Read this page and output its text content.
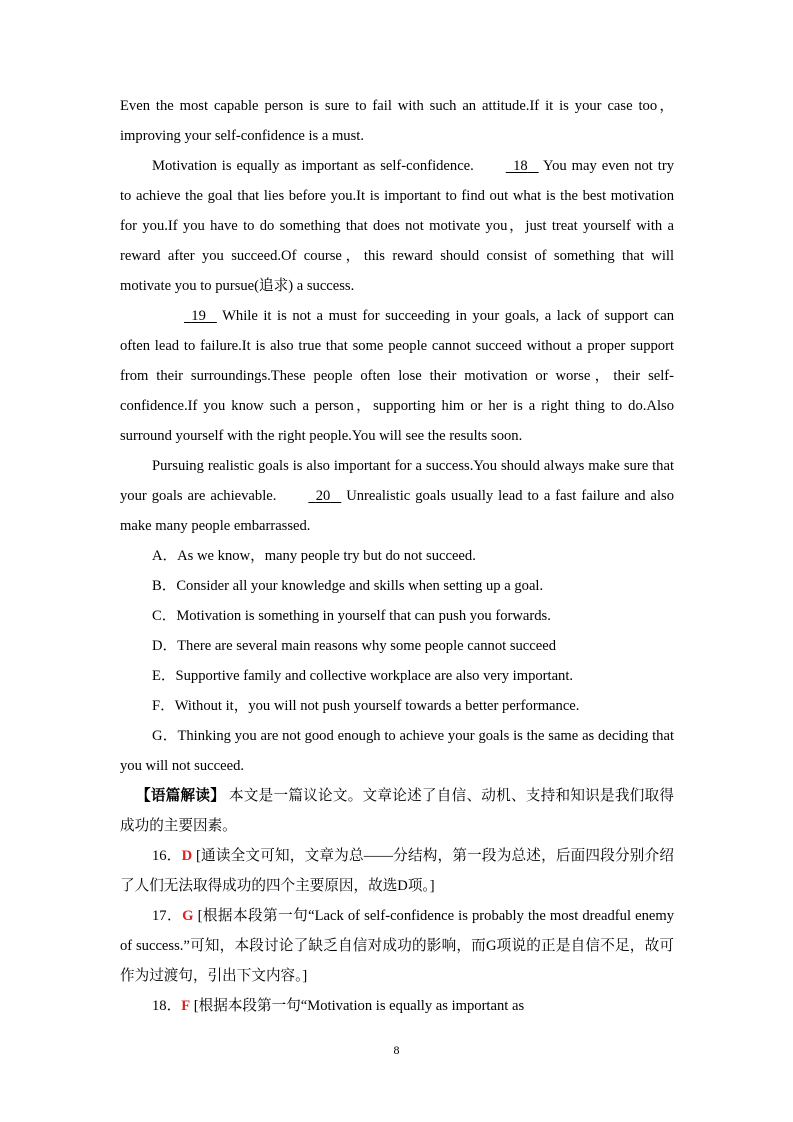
Even the most capable person is sure to fail with such an attitude.If it is your case too，improving your self-confidence is a must.

Motivation is equally as important as self-confidence.	18    You may even not try to achieve the goal that lies before you.It is important to find out what is the best motivation for you.If you have to do something that does not motivate you，just treat yourself with a reward after you succeed.Of course，this reward should consist of something that will motivate you to pursue(追求) a success.

19    While it is not a must for succeeding in your goals, a lack of support can often lead to failure.It is also true that some people cannot succeed without a proper support from their surroundings.These people often lose their motivation or worse，their self-confidence.If you know such a person，supporting him or her is a right thing to do.Also surround yourself with the right people.You will see the results soon.

Pursuing realistic goals is also important for a success.You should always make sure that your goals are achievable.	20    Unrealistic goals usually lead to a fast failure and also make many people embarrassed.

A．As we know，many people try but do not succeed.

B．Consider all your knowledge and skills when setting up a goal.

C．Motivation is something in yourself that can push you forwards.

D．There are several main reasons why some people cannot succeed

E．Supportive family and collective workplace are also very important.

F．Without it，you will not push yourself towards a better performance.

G．Thinking you are not good enough to achieve your goals is the same as deciding that you will not succeed.

【语篇解读】 本文是一篇议论文。文章论述了自信、动机、支持和知识是我们取得成功的主要因素。

16．D [通读全文可知，文章为总——分结构，第一段为总述，后面四段分别介绍了人们无法取得成功的四个主要原因，故选D项。]

17．G [根据本段第一句“Lack of self-confidence is probably the most dreadful enemy of success.”可知，本段讨论了缺乏自信对成功的影响，而G项说的正是自信不足，故可作为过渡句，引出下文内容。]

18．F [根据本段第一句“Motivation is equally as important as

8
